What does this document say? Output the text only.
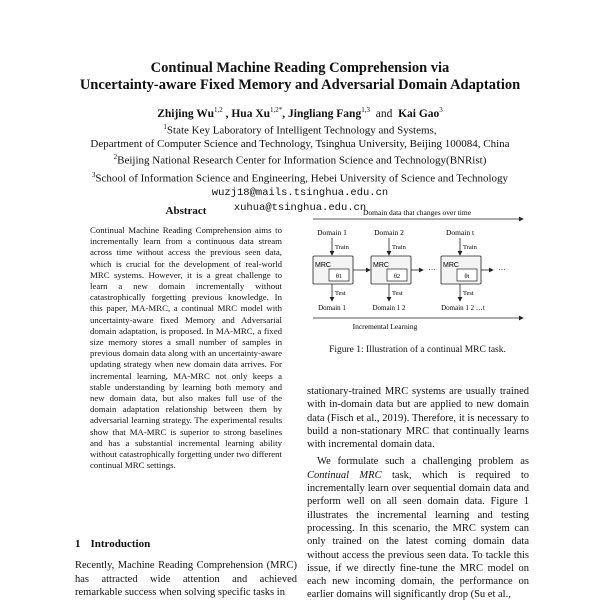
Continual Machine Reading Comprehension via
Uncertainty-aware Fixed Memory and Adversarial Domain Adaptation

Zhijing Wu$^{1,2}$ , Hua $Xu^{1,2*}$, Jingliang Fang$^{1,3}$ and Kai Gao$^3$
$^1$State Key Laboratory of Intelligent Technology and Systems,
Department of Computer Science and Technology, Tsinghua University, Beijing 100084, China
$^2$Beijing National Research Center for Information Science and Technology(BNRist)
$^3$School of Information Science and Engineering, Hebei University of Science and Technology
wuzj18@mails.tsinghua.edu.cn
xuhua@tsinghua.edu.cn

Abstract

Continual Machine Reading Comprehension aims to incrementally learn from a continuous data stream across time without access the previous seen data, which is crucial for the development of real-world MRC systems. However, it is a great challenge to learn a new domain incrementally without catastrophically forgetting previous knowledge. In this paper, MA-MRC, a continual MRC model with uncertainty-aware fixed Memory and Adversarial domain adaptation, is proposed. In MA-MRC, a fixed size memory stores a small number of samples in previous domain data along with an uncertainty-aware updating strategy when new domain data arrives. For incremental learning, MA-MRC not only keeps a stable understanding by learning both memory and new domain data, but also makes full use of the domain adaptation relationship between them by adversarial learning strategy. The experimental results show that MA-MRC is superior to strong baselines and has a substantial incremental learning ability without catastrophically forgetting under two different continual MRC settings.

1 Introduction

Recently, Machine Reading Comprehension (MRC) has attracted wide attention and achieved remarkable success when solving specific tasks in

Domain data that changes over time
Domain 1	Domain 2	Domain t
Train	Train	Train
MRC	MRC	MRC
θ1	θ2	θt
···	···
Test	Test	Test
Domain 1	Domain 1 2	Domain 1 2 …t
Incremental Learning
Figure 1: Illustration of a continual MRC task.

stationary-trained MRC systems are usually trained with in-domain data but are applied to new domain data (Fisch et al., 2019). Therefore, it is necessary to build a non-stationary MRC that continually learns with incremental domain data.

We formulate such a challenging problem as Continual MRC task, which is required to incrementally learn over sequential domain data and perform well on all seen domain data. Figure 1 illustrates the incremental learning and testing processing. In this scenario, the MRC system can only trained on the latest coming domain data without access the previous seen data. To tackle this issue, if we directly fine-tune the MRC model on each new incoming domain, the performance on earlier domains will significantly drop (Su et al.,
